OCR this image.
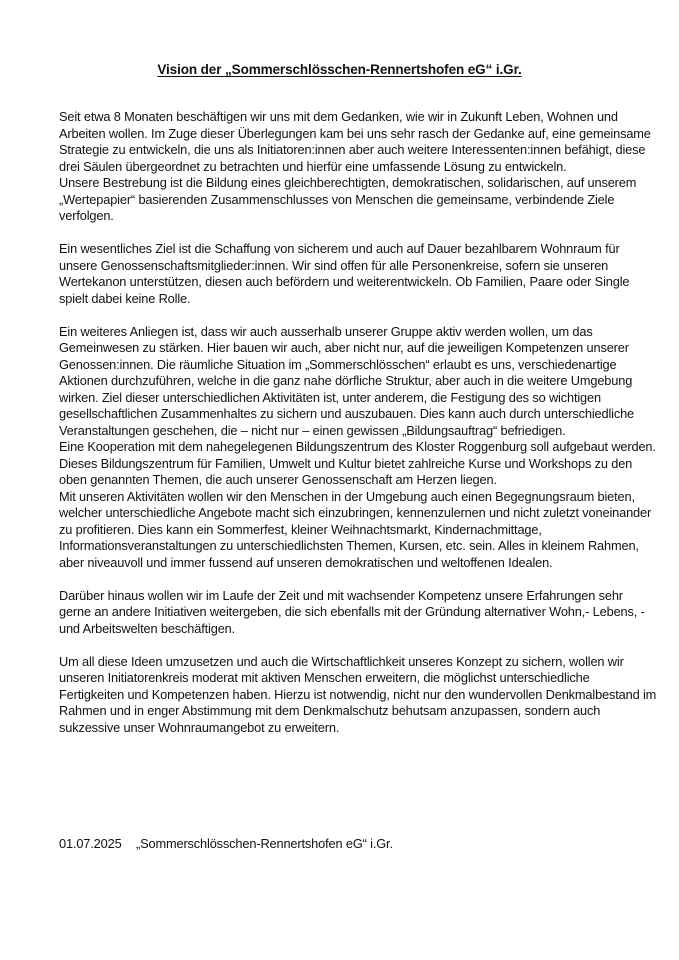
Vision der „Sommerschlösschen-Rennertshofen eG“ i.Gr.

Seit etwa 8 Monaten beschäftigen wir uns mit dem Gedanken, wie wir in Zukunft Leben, Wohnen und Arbeiten wollen. Im Zuge dieser Überlegungen kam bei uns sehr rasch der Gedanke auf, eine gemeinsame Strategie zu entwickeln, die uns als Initiatoren:innen aber auch weitere Interessenten:innen befähigt, diese drei Säulen übergeordnet zu betrachten und hierfür eine umfassende Lösung zu entwickeln.

Unsere Bestrebung ist die Bildung eines gleichberechtigten, demokratischen, solidarischen, auf unserem „Wertepapier“ basierenden Zusammenschlusses von Menschen die gemeinsame, verbindende Ziele verfolgen.

Ein wesentliches Ziel ist die Schaffung von sicherem und auch auf Dauer bezahlbarem Wohnraum für unsere Genossenschaftsmitglieder:innen. Wir sind offen für alle Personenkreise, sofern sie unseren Wertekanon unterstützen, diesen auch befördern und weiterentwickeln. Ob Familien, Paare oder Single spielt dabei keine Rolle.

Ein weiteres Anliegen ist, dass wir auch ausserhalb unserer Gruppe aktiv werden wollen, um das Gemeinwesen zu stärken. Hier bauen wir auch, aber nicht nur, auf die jeweiligen Kompetenzen unserer Genossen:innen. Die räumliche Situation im „Sommerschlösschen“ erlaubt es uns, verschiedenartige Aktionen durchzuführen, welche in die ganz nahe dörfliche Struktur, aber auch in die weitere Umgebung wirken. Ziel dieser unterschiedlichen Aktivitäten ist, unter anderem, die Festigung des so wichtigen gesellschaftlichen Zusammenhaltes zu sichern und auszubauen. Dies kann auch durch unterschiedliche Veranstaltungen geschehen, die – nicht nur – einen gewissen „Bildungsauftrag“ befriedigen.

Eine Kooperation mit dem nahegelegenen Bildungszentrum des Kloster Roggenburg soll aufgebaut werden. Dieses Bildungszentrum für Familien, Umwelt und Kultur bietet zahlreiche Kurse und Workshops zu den oben genannten Themen, die auch unserer Genossenschaft am Herzen liegen.

Mit unseren Aktivitäten wollen wir den Menschen in der Umgebung auch einen Begegnungsraum bieten, welcher unterschiedliche Angebote macht sich einzubringen, kennenzulernen und nicht zuletzt voneinander zu profitieren. Dies kann ein Sommerfest, kleiner Weihnachtsmarkt, Kindernachmittage, Informationsveranstaltungen zu unterschiedlichsten Themen, Kursen, etc. sein. Alles in kleinem Rahmen, aber niveauvoll und immer fussend auf unseren demokratischen und weltoffenen Idealen.

Darüber hinaus wollen wir im Laufe der Zeit und mit wachsender Kompetenz unsere Erfahrungen sehr gerne an andere Initiativen weitergeben, die sich ebenfalls mit der Gründung alternativer Wohn,- Lebens, - und Arbeitswelten beschäftigen.

Um all diese Ideen umzusetzen und auch die Wirtschaftlichkeit unseres Konzept zu sichern, wollen wir unseren Initiatorenkreis moderat mit aktiven Menschen erweitern, die möglichst unterschiedliche Fertigkeiten und Kompetenzen haben. Hierzu ist notwendig, nicht nur den wundervollen Denkmalbestand im Rahmen und in enger Abstimmung mit dem Denkmalschutz behutsam anzupassen, sondern auch sukzessive unser Wohnraumangebot zu erweitern.

01.07.2025 „Sommerschlösschen-Rennertshofen eG“ i.Gr.
